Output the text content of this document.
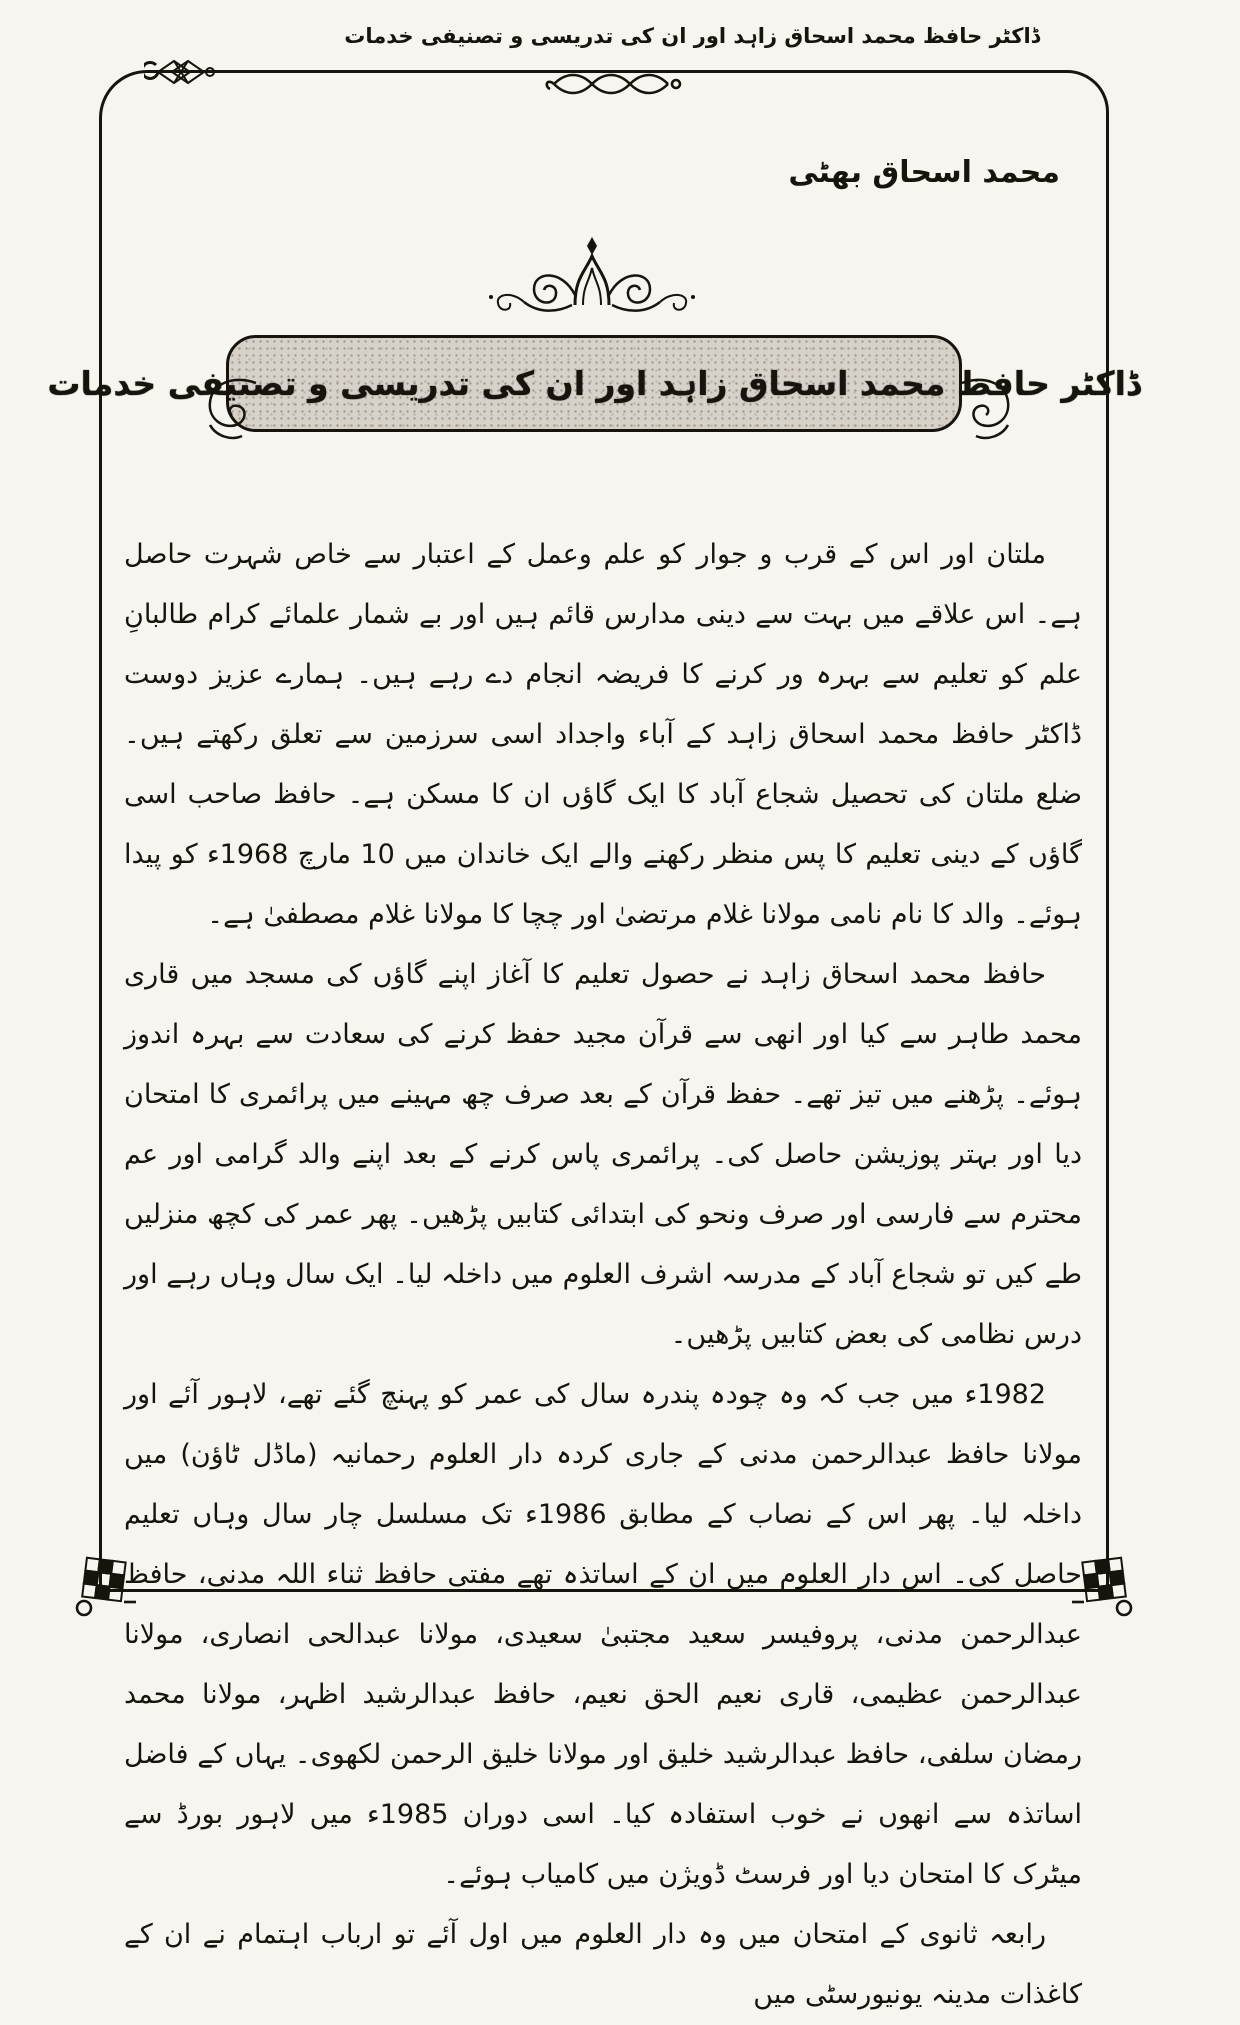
ڈاکٹر حافظ محمد اسحاق زاہد اور ان کی تدریسی و تصنیفی خدمات
محمد اسحاق بھٹی
ڈاکٹر حافظ محمد اسحاق زاہد اور ان کی تدریسی و تصنیفی خدمات

ملتان اور اس کے قرب و جوار کو علم وعمل کے اعتبار سے خاص شہرت حاصل ہے۔ اس علاقے میں بہت سے دینی مدارس قائم ہیں اور بے شمار علمائے کرام طالبانِ علم کو تعلیم سے بہرہ ور کرنے کا فریضہ انجام دے رہے ہیں۔ ہمارے عزیز دوست ڈاکٹر حافظ محمد اسحاق زاہد کے آباء واجداد اسی سرزمین سے تعلق رکھتے ہیں۔ ضلع ملتان کی تحصیل شجاع آباد کا ایک گاؤں ان کا مسکن ہے۔ حافظ صاحب اسی گاؤں کے دینی تعلیم کا پس منظر رکھنے والے ایک خاندان میں 10 مارچ 1968ء کو پیدا ہوئے۔ والد کا نام نامی مولانا غلام مرتضیٰ اور چچا کا مولانا غلام مصطفیٰ ہے۔

حافظ محمد اسحاق زاہد نے حصول تعلیم کا آغاز اپنے گاؤں کی مسجد میں قاری محمد طاہر سے کیا اور انھی سے قرآن مجید حفظ کرنے کی سعادت سے بہرہ اندوز ہوئے۔ پڑھنے میں تیز تھے۔ حفظ قرآن کے بعد صرف چھ مہینے میں پرائمری کا امتحان دیا اور بہتر پوزیشن حاصل کی۔ پرائمری پاس کرنے کے بعد اپنے والد گرامی اور عم محترم سے فارسی اور صرف ونحو کی ابتدائی کتابیں پڑھیں۔ پھر عمر کی کچھ منزلیں طے کیں تو شجاع آباد کے مدرسہ اشرف العلوم میں داخلہ لیا۔ ایک سال وہاں رہے اور درس نظامی کی بعض کتابیں پڑھیں۔

1982ء میں جب کہ وہ چودہ پندرہ سال کی عمر کو پہنچ گئے تھے، لاہور آئے اور مولانا حافظ عبدالرحمن مدنی کے جاری کردہ دار العلوم رحمانیہ (ماڈل ٹاؤن) میں داخلہ لیا۔ پھر اس کے نصاب کے مطابق 1986ء تک مسلسل چار سال وہاں تعلیم حاصل کی۔ اس دار العلوم میں ان کے اساتذہ تھے مفتی حافظ ثناء اللہ مدنی، حافظ عبدالرحمن مدنی، پروفیسر سعید مجتبیٰ سعیدی، مولانا عبدالحی انصاری، مولانا عبدالرحمن عظیمی، قاری نعیم الحق نعیم، حافظ عبدالرشید اظہر، مولانا محمد رمضان سلفی، حافظ عبدالرشید خلیق اور مولانا خلیق الرحمن لکھوی۔ یہاں کے فاضل اساتذہ سے انھوں نے خوب استفادہ کیا۔ اسی دوران 1985ء میں لاہور بورڈ سے میٹرک کا امتحان دیا اور فرسٹ ڈویژن میں کامیاب ہوئے۔

رابعہ ثانوی کے امتحان میں وہ دار العلوم میں اول آئے تو ارباب اہتمام نے ان کے کاغذات مدینہ یونیورسٹی میں
